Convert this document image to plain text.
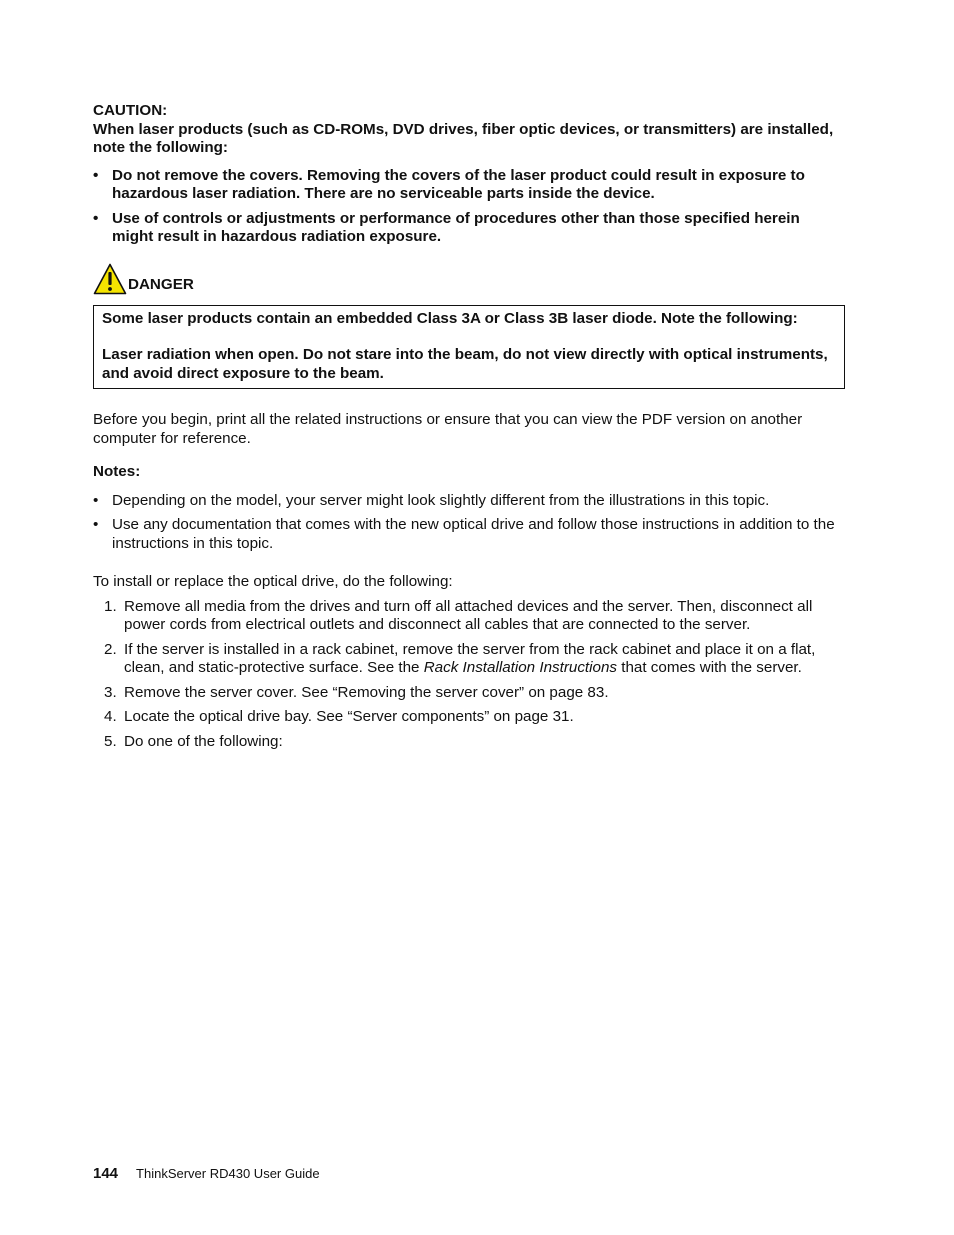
CAUTION:

When laser products (such as CD-ROMs, DVD drives, fiber optic devices, or transmitters) are installed, note the following:

• Do not remove the covers. Removing the covers of the laser product could result in exposure to hazardous laser radiation. There are no serviceable parts inside the device.
• Use of controls or adjustments or performance of procedures other than those specified herein might result in hazardous radiation exposure.
DANGER

Some laser products contain an embedded Class 3A or Class 3B laser diode. Note the following:

Laser radiation when open. Do not stare into the beam, do not view directly with optical instruments, and avoid direct exposure to the beam.

Before you begin, print all the related instructions or ensure that you can view the PDF version on another computer for reference.

Notes:

• Depending on the model, your server might look slightly different from the illustrations in this topic.
• Use any documentation that comes with the new optical drive and follow those instructions in addition to the instructions in this topic.

To install or replace the optical drive, do the following:

1. Remove all media from the drives and turn off all attached devices and the server. Then, disconnect all power cords from electrical outlets and disconnect all cables that are connected to the server.
2. If the server is installed in a rack cabinet, remove the server from the rack cabinet and place it on a flat, clean, and static-protective surface. See the Rack Installation Instructions that comes with the server.
3. Remove the server cover. See “Removing the server cover” on page 83.
4. Locate the optical drive bay. See “Server components” on page 31.
5. Do one of the following:
144 ThinkServer RD430 User Guide
